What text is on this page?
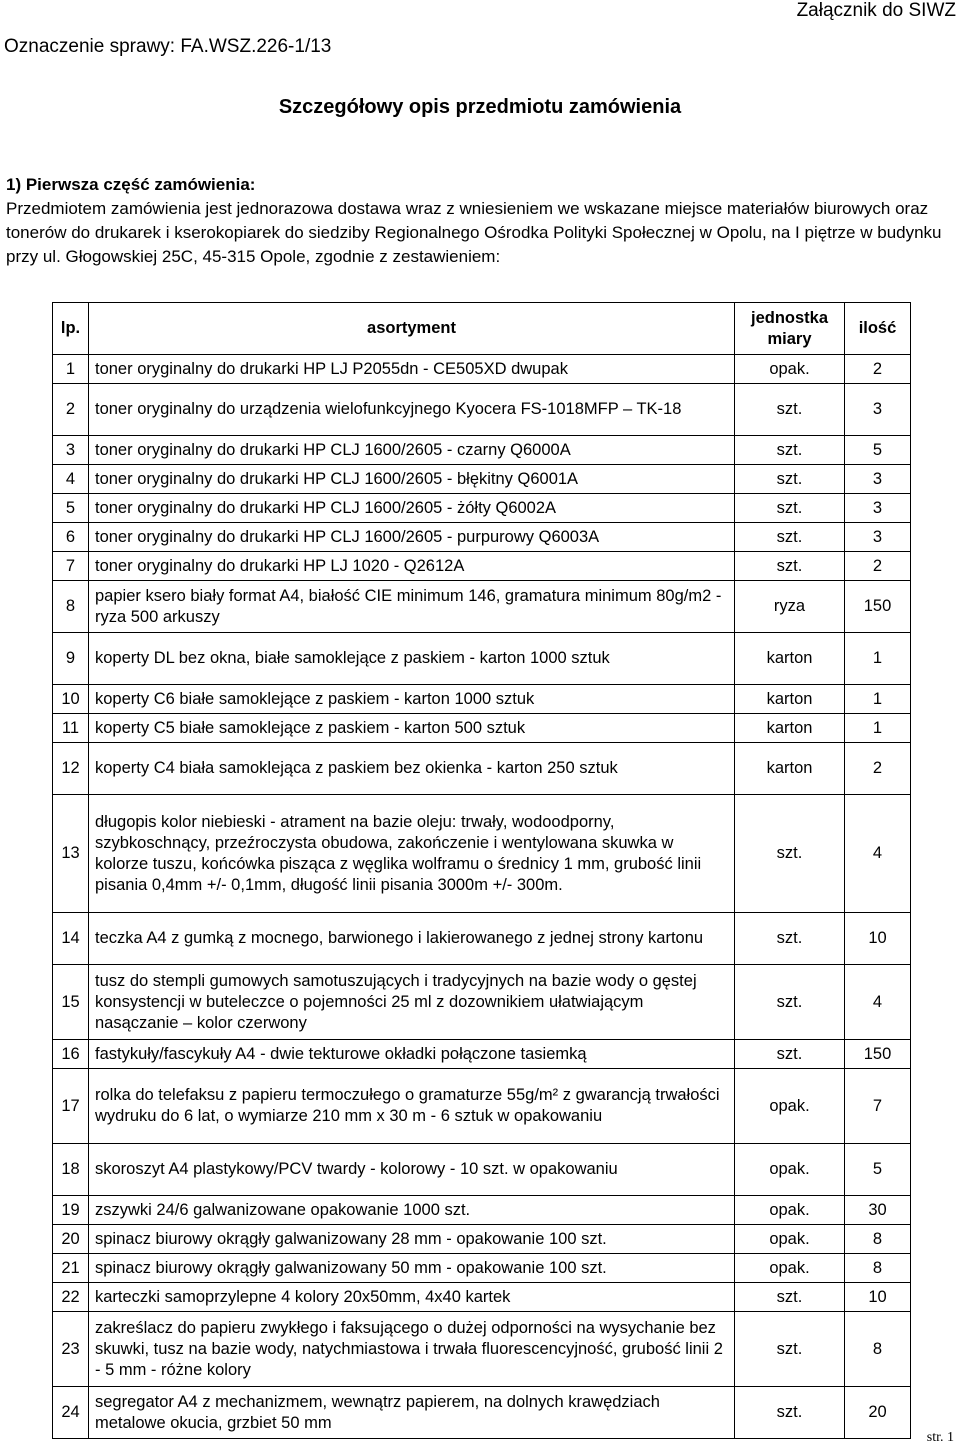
Oznaczenie sprawy: FA.WSZ.226-1/13
Załącznik do SIWZ
Szczegółowy opis przedmiotu zamówienia
1) Pierwsza część zamówienia:
Przedmiotem zamówienia jest jednorazowa dostawa wraz z wniesieniem we wskazane miejsce materiałów biurowych oraz tonerów do drukarek i kserokopiarek do siedziby Regionalnego Ośrodka Polityki Społecznej w Opolu, na I piętrze w budynku przy ul. Głogowskiej 25C, 45-315 Opole, zgodnie z zestawieniem:
lp.	asortyment	jednostka miary	ilość
1	toner oryginalny do drukarki HP LJ P2055dn - CE505XD dwupak	opak.	2
2	toner oryginalny do urządzenia wielofunkcyjnego Kyocera FS-1018MFP – TK-18	szt.	3
3	toner oryginalny do drukarki HP CLJ 1600/2605 - czarny Q6000A	szt.	5
4	toner oryginalny do drukarki HP CLJ 1600/2605 - błękitny Q6001A	szt.	3
5	toner oryginalny do drukarki HP CLJ 1600/2605 - żółty Q6002A	szt.	3
6	toner oryginalny do drukarki HP CLJ 1600/2605 - purpurowy Q6003A	szt.	3
7	toner oryginalny do drukarki HP LJ 1020 - Q2612A	szt.	2
8	papier ksero biały format A4, białość CIE minimum 146, gramatura minimum 80g/m2 - ryza 500 arkuszy	ryza	150
9	koperty DL bez okna, białe samoklejące z paskiem - karton 1000 sztuk	karton	1
10	koperty C6 białe samoklejące z paskiem - karton 1000 sztuk	karton	1
11	koperty C5 białe samoklejące z paskiem - karton 500 sztuk	karton	1
12	koperty C4 biała samoklejąca z paskiem bez okienka - karton 250 sztuk	karton	2
13	długopis kolor niebieski - atrament na bazie oleju: trwały, wodoodporny, szybkoschnący, przeźroczysta obudowa, zakończenie i wentylowana skuwka w kolorze tuszu, końcówka pisząca z węglika wolframu o średnicy 1 mm, grubość linii pisania 0,4mm +/- 0,1mm, długość linii pisania 3000m +/- 300m.	szt.	4
14	teczka A4 z gumką z mocnego, barwionego i lakierowanego z jednej strony kartonu	szt.	10
15	tusz do stempli gumowych samotuszujących i tradycyjnych na bazie wody o gęstej konsystencji w buteleczce o pojemności 25 ml z dozownikiem ułatwiającym nasączanie – kolor czerwony	szt.	4
16	fastykuły/fascykuły A4 - dwie tekturowe okładki połączone tasiemką	szt.	150
17	rolka do telefaksu z papieru termoczułego o gramaturze 55g/m² z gwarancją trwałości wydruku do 6 lat, o wymiarze 210 mm x 30 m - 6 sztuk w opakowaniu	opak.	7
18	skoroszyt A4 plastykowy/PCV twardy - kolorowy - 10 szt. w opakowaniu	opak.	5
19	zszywki 24/6 galwanizowane opakowanie 1000 szt.	opak.	30
20	spinacz biurowy okrągły galwanizowany 28 mm - opakowanie 100 szt.	opak.	8
21	spinacz biurowy okrągły galwanizowany 50 mm - opakowanie 100 szt.	opak.	8
22	karteczki samoprzylepne 4 kolory 20x50mm, 4x40 kartek	szt.	10
23	zakreślacz do papieru zwykłego i faksującego o dużej odporności na wysychanie bez skuwki, tusz na bazie wody, natychmiastowa i trwała fluorescencyjność, grubość linii 2 - 5 mm - różne kolory	szt.	8
24	segregator A4 z mechanizmem, wewnątrz papierem, na dolnych krawędziach metalowe okucia, grzbiet 50 mm	szt.	20
str. 1
